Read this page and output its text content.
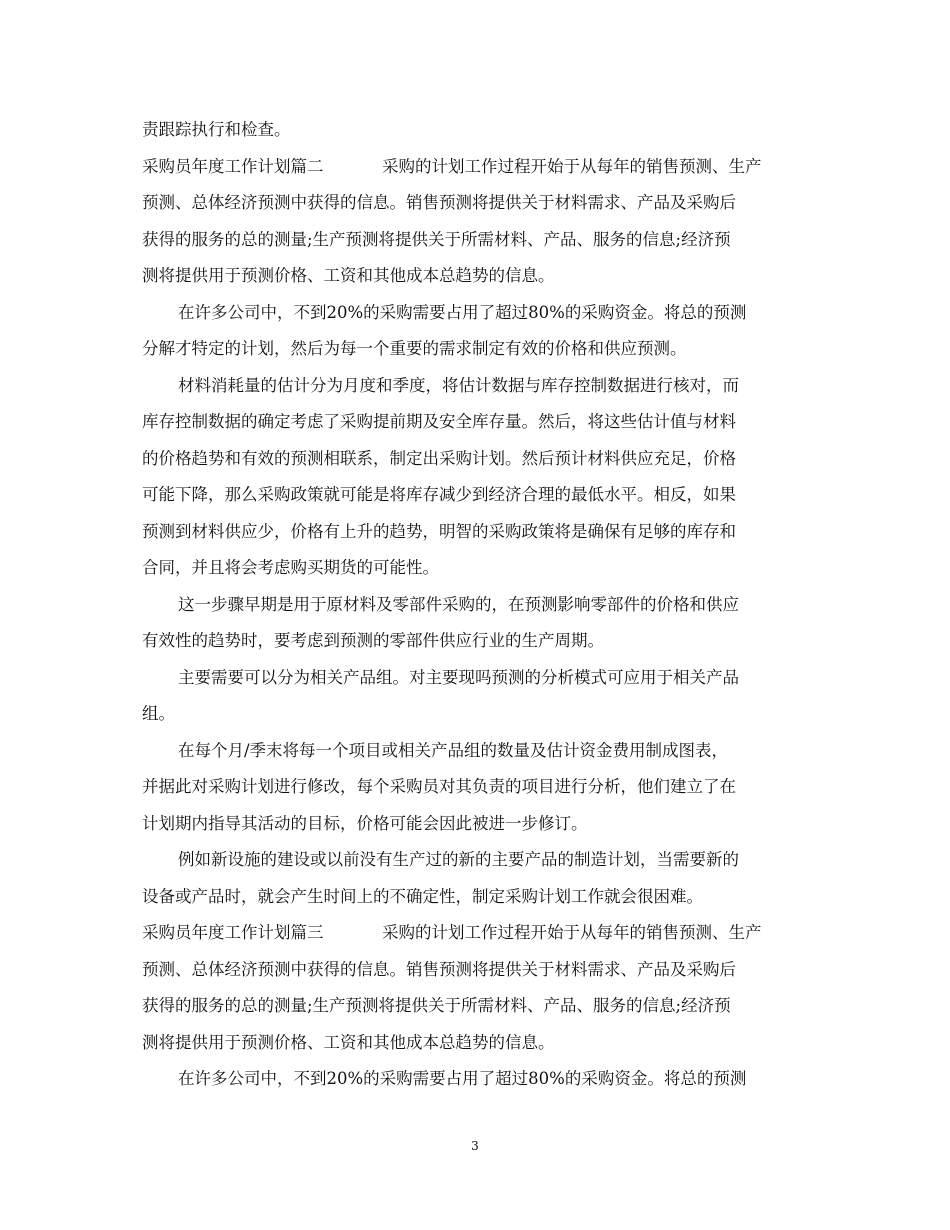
责跟踪执行和检查。
采购员年度工作计划篇二	采购的计划工作过程开始于从每年的销售预测、生产
预测、总体经济预测中获得的信息。销售预测将提供关于材料需求、产品及采购后
获得的服务的总的测量;生产预测将提供关于所需材料、产品、服务的信息;经济预
测将提供用于预测价格、工资和其他成本总趋势的信息。
在许多公司中，不到20%的采购需要占用了超过80%的采购资金。将总的预测
分解才特定的计划，然后为每一个重要的需求制定有效的价格和供应预测。
材料消耗量的估计分为月度和季度，将估计数据与库存控制数据进行核对，而
库存控制数据的确定考虑了采购提前期及安全库存量。然后，将这些估计值与材料
的价格趋势和有效的预测相联系，制定出采购计划。然后预计材料供应充足，价格
可能下降，那么采购政策就可能是将库存减少到经济合理的最低水平。相反，如果
预测到材料供应少，价格有上升的趋势，明智的采购政策将是确保有足够的库存和
合同，并且将会考虑购买期货的可能性。
这一步骤早期是用于原材料及零部件采购的，在预测影响零部件的价格和供应
有效性的趋势时，要考虑到预测的零部件供应行业的生产周期。
主要需要可以分为相关产品组。对主要现吗预测的分析模式可应用于相关产品
组。
在每个月/季末将每一个项目或相关产品组的数量及估计资金费用制成图表，
并据此对采购计划进行修改，每个采购员对其负责的项目进行分析，他们建立了在
计划期内指导其活动的目标，价格可能会因此被进一步修订。
例如新设施的建设或以前没有生产过的新的主要产品的制造计划，当需要新的
设备或产品时，就会产生时间上的不确定性，制定采购计划工作就会很困难。
采购员年度工作计划篇三	采购的计划工作过程开始于从每年的销售预测、生产
预测、总体经济预测中获得的信息。销售预测将提供关于材料需求、产品及采购后
获得的服务的总的测量;生产预测将提供关于所需材料、产品、服务的信息;经济预
测将提供用于预测价格、工资和其他成本总趋势的信息。
在许多公司中，不到20%的采购需要占用了超过80%的采购资金。将总的预测
3
